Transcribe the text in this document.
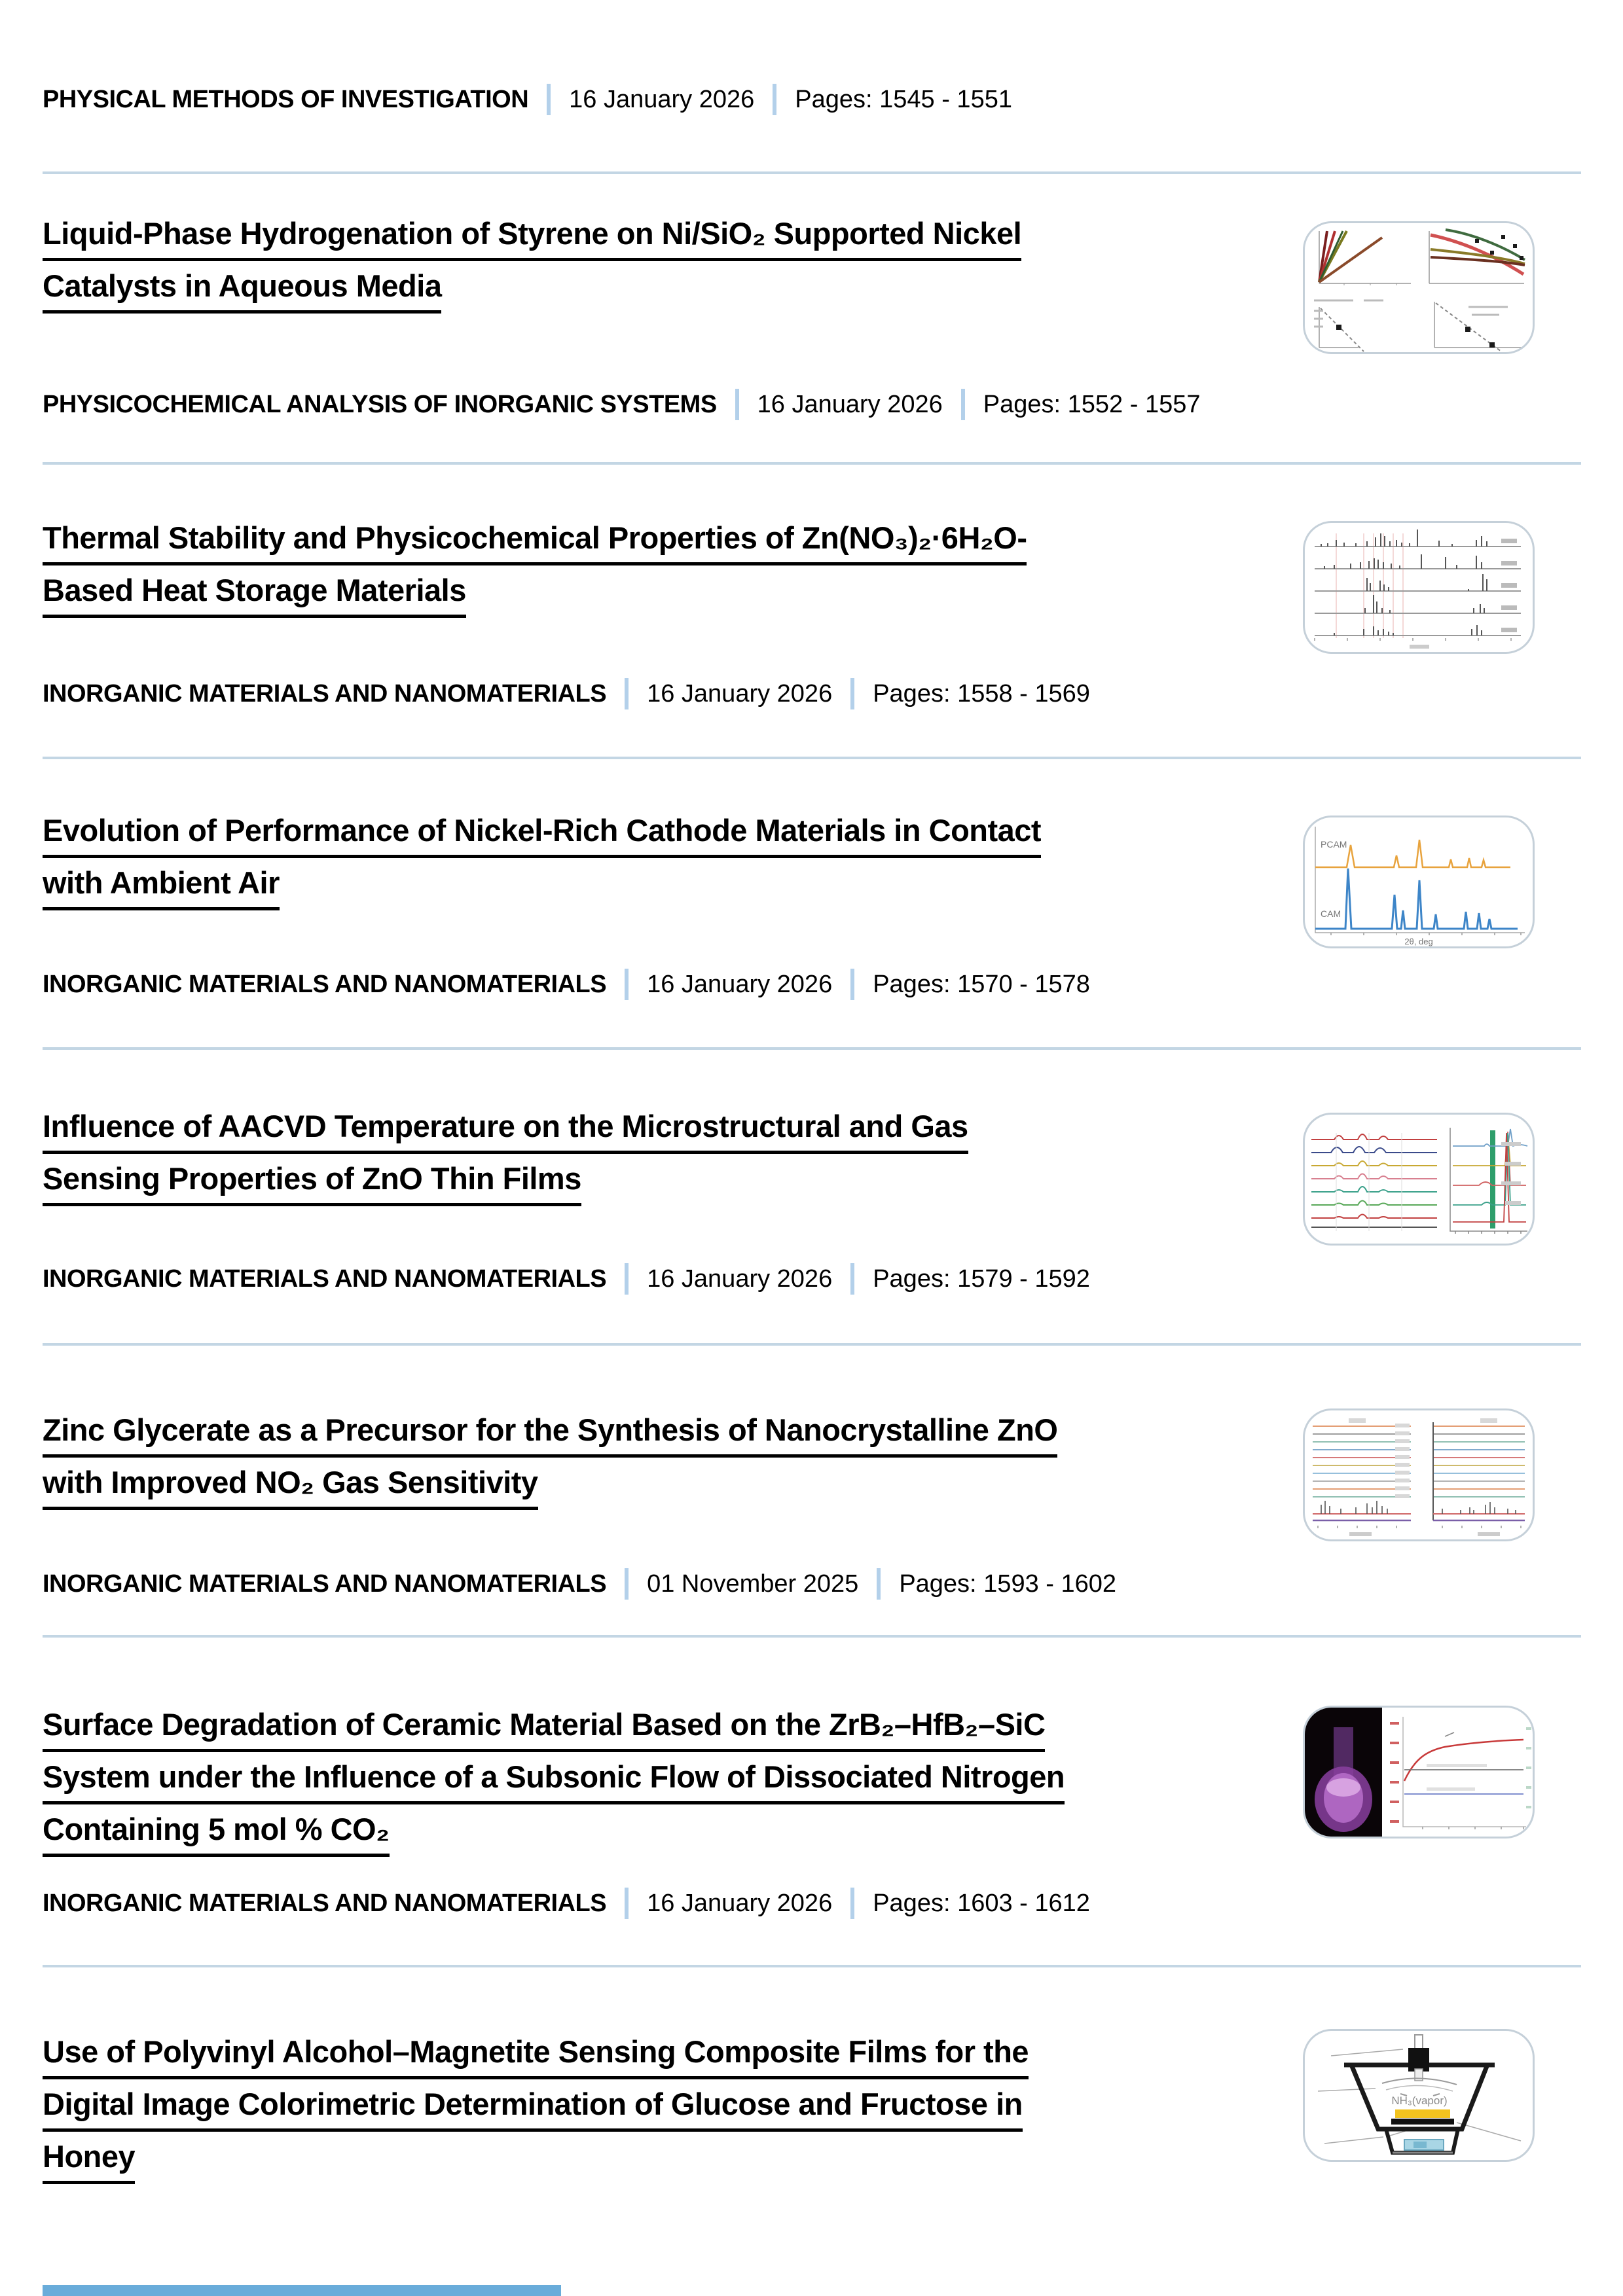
PHYSICAL METHODS OF INVESTIGATION 16 January 2026 Pages: 1545 - 1551
Liquid-Phase Hydrogenation of Styrene on Ni/SiO₂ Supported Nickel
Catalysts in Aqueous Media
PHYSICOCHEMICAL ANALYSIS OF INORGANIC SYSTEMS 16 January 2026 Pages: 1552 - 1557
Thermal Stability and Physicochemical Properties of Zn(NO₃)₂·6H₂O-
Based Heat Storage Materials
INORGANIC MATERIALS AND NANOMATERIALS 16 January 2026 Pages: 1558 - 1569
Evolution of Performance of Nickel-Rich Cathode Materials in Contact
with Ambient Air
PCAM
CAM
2θ, deg
INORGANIC MATERIALS AND NANOMATERIALS 16 January 2026 Pages: 1570 - 1578
Influence of AACVD Temperature on the Microstructural and Gas
Sensing Properties of ZnO Thin Films
INORGANIC MATERIALS AND NANOMATERIALS 16 January 2026 Pages: 1579 - 1592
Zinc Glycerate as a Precursor for the Synthesis of Nanocrystalline ZnO
with Improved NO₂ Gas Sensitivity
INORGANIC MATERIALS AND NANOMATERIALS 01 November 2025 Pages: 1593 - 1602
Surface Degradation of Ceramic Material Based on the ZrB₂–HfB₂–SiC
System under the Influence of a Subsonic Flow of Dissociated Nitrogen
Containing 5 mol % CO₂
INORGANIC MATERIALS AND NANOMATERIALS 16 January 2026 Pages: 1603 - 1612
Use of Polyvinyl Alcohol–Magnetite Sensing Composite Films for the
Digital Image Colorimetric Determination of Glucose and Fructose in
Honey
NH₃(vapor)
